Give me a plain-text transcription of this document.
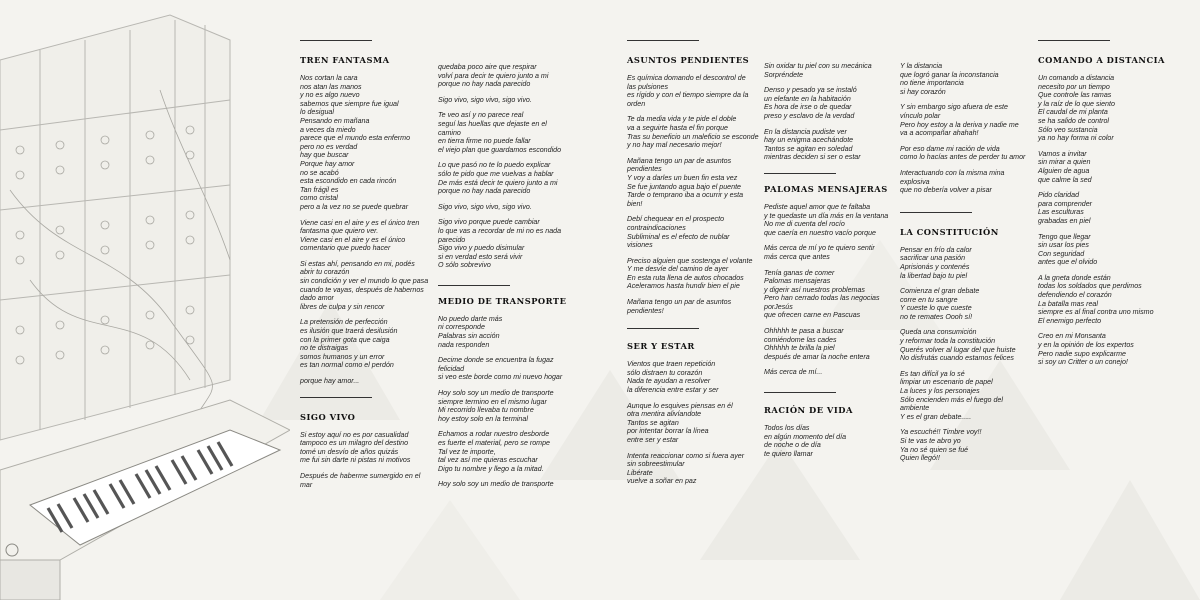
TREN FANTASMA

Nos cortan la cara
nos atan las manos
y no es algo nuevo
sabemos que siempre fue igual
lo desigual
Pensando en mañana
a veces da miedo
parece que el mundo esta enfermo
pero no es verdad
hay que buscar
Porque hay amor
no se acabó
esta escondido en cada rincón
Tan frágil es
como cristal
pero a la vez no se puede quebrar

Viene casi en el aire y es el único tren
fantasma que quiero ver.
Viene casi en el aire y es el único
comentario que puedo hacer

Si estas ahí, pensando en mi, podés
abrir tu corazón
sin condición y ver el mundo lo que pasa
cuando te vayas, después de habernos
dado amor
libres de culpa y sin rencor

La pretensión de perfección
es ilusión que traerá desilusión
con la primer gota que caiga
no te distraigas
somos humanos y un error
es tan normal como el perdón

porque hay amor...

SIGO VIVO

Si estoy aquí no es por casualidad
tampoco es un milagro del destino
tomé un desvío de años quizás
me fui sin darte ni pistas ni motivos

Después de haberme sumergido en el mar

quedaba poco aire que respirar
volví para decir te quiero junto a mi
porque no hay nada parecido

Sigo vivo, sigo vivo, sigo vivo.

Te veo así y no parece real
seguí las huellas que dejaste en el camino
en tierra firme no puede fallar
el viejo plan que guardamos escondido

Lo que pasó no te lo puedo explicar
sólo te pido que me vuelvas a hablar
De más está decir te quiero junto a mi
porque no hay nada parecido

Sigo vivo, sigo vivo, sigo vivo.

Sigo vivo porque puede cambiar
lo que vas a recordar de mi no es nada
parecido
Sigo vivo y puedo disimular
si en verdad esto será vivir
O sólo sobrevivo

MEDIO DE TRANSPORTE

No puedo darte más
ni corresponde
Palabras sin acción
nada responden

Decime donde se encuentra la fugaz
felicidad
si veo este borde como mi nuevo hogar

Hoy solo soy un medio de transporte
siempre termino en el mismo lugar
Mi recorrido llevaba tu nombre
hoy estoy solo en la terminal

Echamos a rodar nuestro desborde
es fuerte el material, pero se rompe
Tal vez te importe,
tal vez así me quieras escuchar
Digo tu nombre y llego a la mitad.

Hoy solo soy un medio de transporte

ASUNTOS PENDIENTES

Es química domando el descontrol de
las pulsiones
es rígido y con el tiempo siempre da la orden

Te da media vida y te pide el doble
va a seguirte hasta el fin porque
Tras su beneficio un maleficio se esconde
y no hay mal necesario mejor!

Mañana tengo un par de asuntos
pendientes
Y voy a darles un buen fin esta vez
Se fue juntando agua bajo el puente
Tarde o temprano iba a ocurrir y esta bien!

Debí chequear en el prospecto
contraindicaciones
Subliminal es el efecto de nublar
visiones

Preciso alguien que sostenga el volante
Y me desvíe del camino de ayer
En esta ruta llena de autos chocados
Aceleramos hasta hundir bien el pie

Mañana tengo un par de asuntos
pendientes!

SER Y ESTAR

Vientos que traen repetición
sólo distraen tu corazón
Nada te ayudan a resolver
la diferencia entre estar y ser

Aunque lo esquives piensas en él
otra mentira alivíandote
Tantos se agitan
por intentar borrar la línea
entre ser y estar

Intenta reaccionar como si fuera ayer
sin sobreestimular
Libérate
vuelve a soñar en paz

Sin oxidar tu piel con su mecánica
Sorpréndete

Denso y pesado ya se instaló
un elefante en la habitación
Es hora de irse o de quedar
preso y esclavo de la verdad

En la distancia pudiste ver
hay un enigma acechándote
Tantos se agitan en soledad
mientras deciden si ser o estar

PALOMAS MENSAJERAS

Pediste aquel amor que te faltaba
y te quedaste un día más en la ventana
No me di cuenta del rocío
que caería en nuestro vacío porque

Más cerca de mí yo te quiero sentir
más cerca que antes

Tenía ganas de comer
Palomas mensajeras
y digerir así nuestros problemas
Pero han cerrado todas las negocias
porJesús
que ofrecen carne en Pascuas

Ohhhhh te pasa a buscar
comiéndome las cades
Ohhhhh te brilla la piel
después de amar la noche entera

Más cerca de mí...

RACIÓN DE VIDA

Todos los días
en algún momento del día
de noche o de día
te quiero llamar

Y la distancia
que logró ganar la inconstancia
no tiene importancia
si hay corazón

Y sin embargo sigo afuera de este
vínculo polar
Pero hoy estoy a la deriva y nadie me
va a acompañar ahahah!

Por eso dame mi ración de vida
como lo hacías antes de perder tu amor

Interactuando con la misma mina
explosiva
que no debería volver a pisar

LA CONSTITUCIÓN

Pensar en frío da calor
sacrificar una pasión
Aprisionás y contenés
la libertad bajo tu piel

Comienza el gran debate
corre en tu sangre
Y cueste lo que cueste
no te remates Oooh sí!

Queda una consumición
y reformar toda la constitución
Querés volver al lugar del que huiste
No disfrutás cuando estamos felices

Es tan difícil ya lo sé
limpiar un escenario de papel
La luces y los personajes
Sólo encienden más el fuego del
ambiente
Y es el gran debate.....

Ya escuché!! Timbre voy!!
Si te vas te abro yo
Ya no sé quien se fué
Quien llegó!!

COMANDO A DISTANCIA

Un comando a distancia
necesito por un tiempo
Que controle las ramas
y la raíz de lo que siento
El caudal de mi planta
se ha salido de control
Sólo veo sustancia
ya no hay forma ni color

Vamos a invitar
sin mirar a quien
Alguien de agua
que calme la sed

Pido claridad
para comprender
Las esculturas
grabadas en piel

Tengo que llegar
sin usar los pies
Con seguridad
antes que el olvido

A la gneta donde están
todas los soldados que perdimos
defendiendo el corazón
La batalla mas real
siempre es al final contra uno mismo
El enemigo perfecto

Creo en mi Monsanta
y en la opinión de los expertos
Pero nadie supo explicarme
si soy un Critter o un conejo!
